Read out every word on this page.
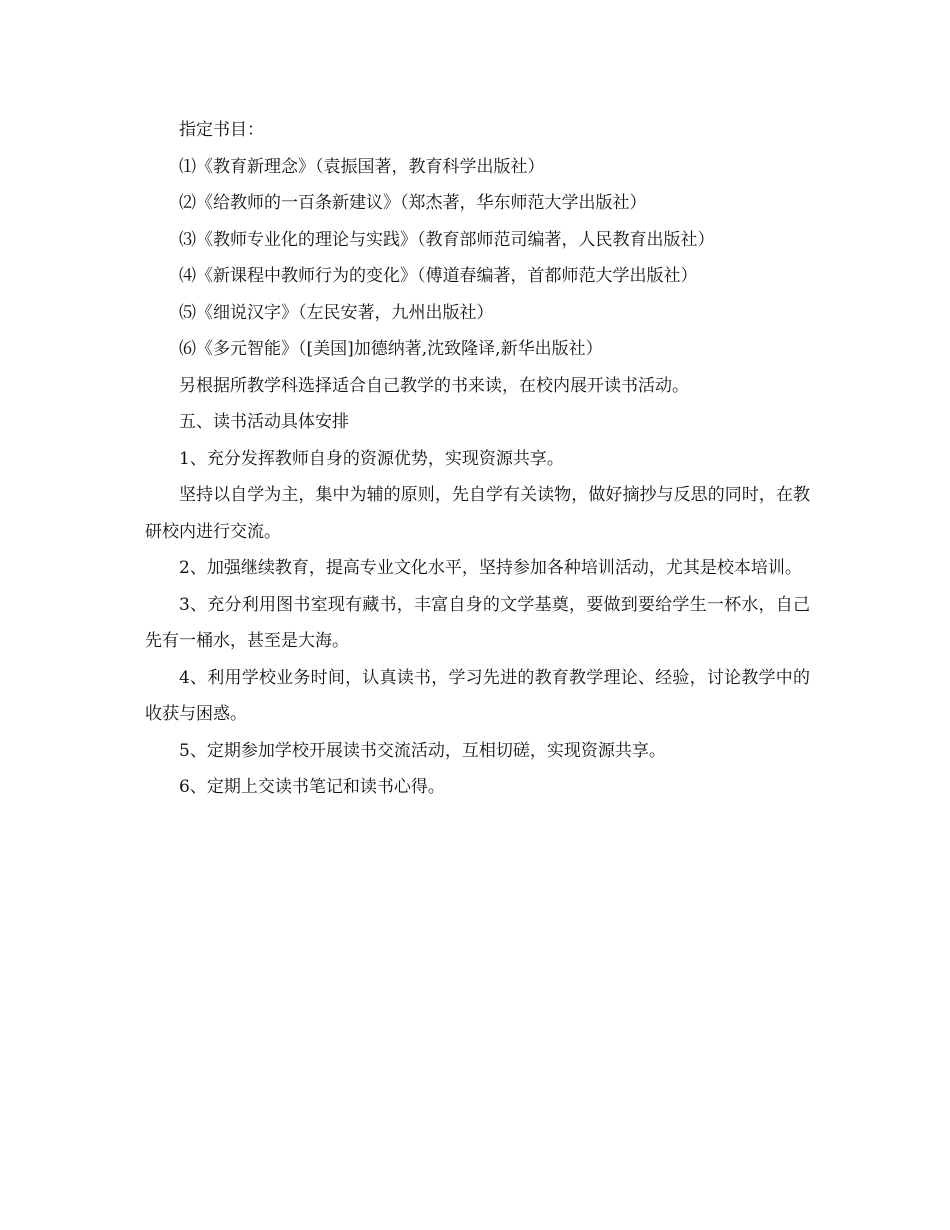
指定书目：

⑴《教育新理念》（袁振国著，教育科学出版社）

⑵《给教师的一百条新建议》（郑杰著，华东师范大学出版社）

⑶《教师专业化的理论与实践》（教育部师范司编著，人民教育出版社）

⑷《新课程中教师行为的变化》（傅道春编著，首都师范大学出版社）

⑸《细说汉字》（左民安著，九州出版社）

⑹《多元智能》（[美国]加德纳著,沈致隆译,新华出版社）

另根据所教学科选择适合自己教学的书来读，在校内展开读书活动。

五、读书活动具体安排

1、充分发挥教师自身的资源优势，实现资源共享。

坚持以自学为主，集中为辅的原则，先自学有关读物，做好摘抄与反思的同时，在教研校内进行交流。

2、加强继续教育，提高专业文化水平，坚持参加各种培训活动，尤其是校本培训。

3、充分利用图书室现有藏书，丰富自身的文学基奠，要做到要给学生一杯水，自己先有一桶水，甚至是大海。

4、利用学校业务时间，认真读书，学习先进的教育教学理论、经验，讨论教学中的收获与困惑。

5、定期参加学校开展读书交流活动，互相切磋，实现资源共享。

6、定期上交读书笔记和读书心得。
